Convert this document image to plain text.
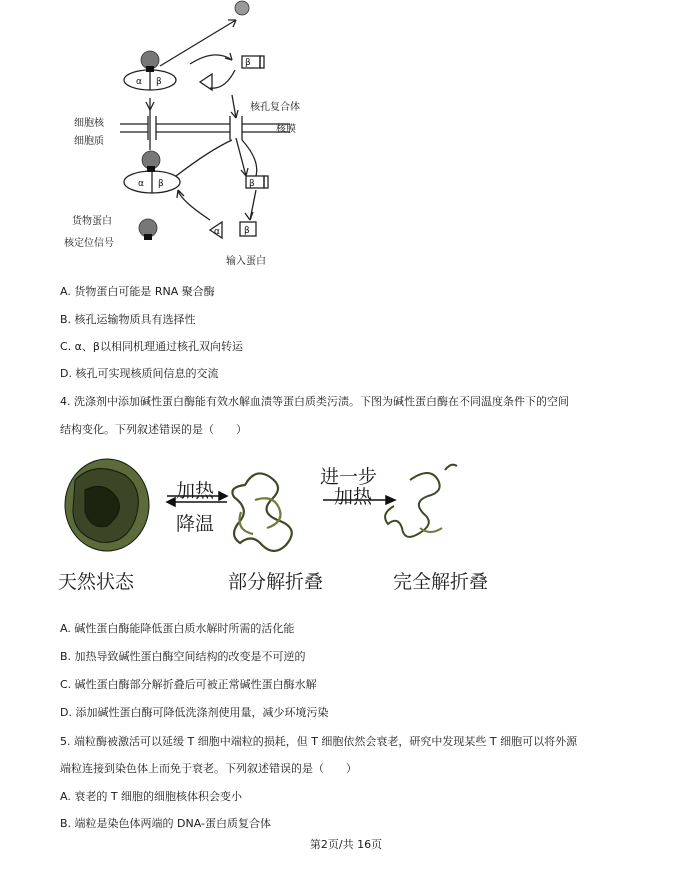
α β
α β
β
β
α	β
细胞核
细胞质
核孔复合体
核膜
货物蛋白
核定位信号
输入蛋白
A. 货物蛋白可能是 RNA 聚合酶
B. 核孔运输物质具有选择性
C. α、β以相同机理通过核孔双向转运
D. 核孔可实现核质间信息的交流
4. 洗涤剂中添加碱性蛋白酶能有效水解血渍等蛋白质类污渍。下图为碱性蛋白酶在不同温度条件下的空间
结构变化。下列叙述错误的是（　　）
加热
降温
进一步
加热
天然状态	部分解折叠	完全解折叠
A. 碱性蛋白酶能降低蛋白质水解时所需的活化能
B. 加热导致碱性蛋白酶空间结构的改变是不可逆的
C. 碱性蛋白酶部分解折叠后可被正常碱性蛋白酶水解
D. 添加碱性蛋白酶可降低洗涤剂使用量，减少环境污染
5. 端粒酶被激活可以延缓 T 细胞中端粒的损耗，但 T 细胞依然会衰老，研究中发现某些 T 细胞可以将外源
端粒连接到染色体上而免于衰老。下列叙述错误的是（　　）
A. 衰老的 T 细胞的细胞核体积会变小
B. 端粒是染色体两端的 DNA-蛋白质复合体
第2页/共 16页
